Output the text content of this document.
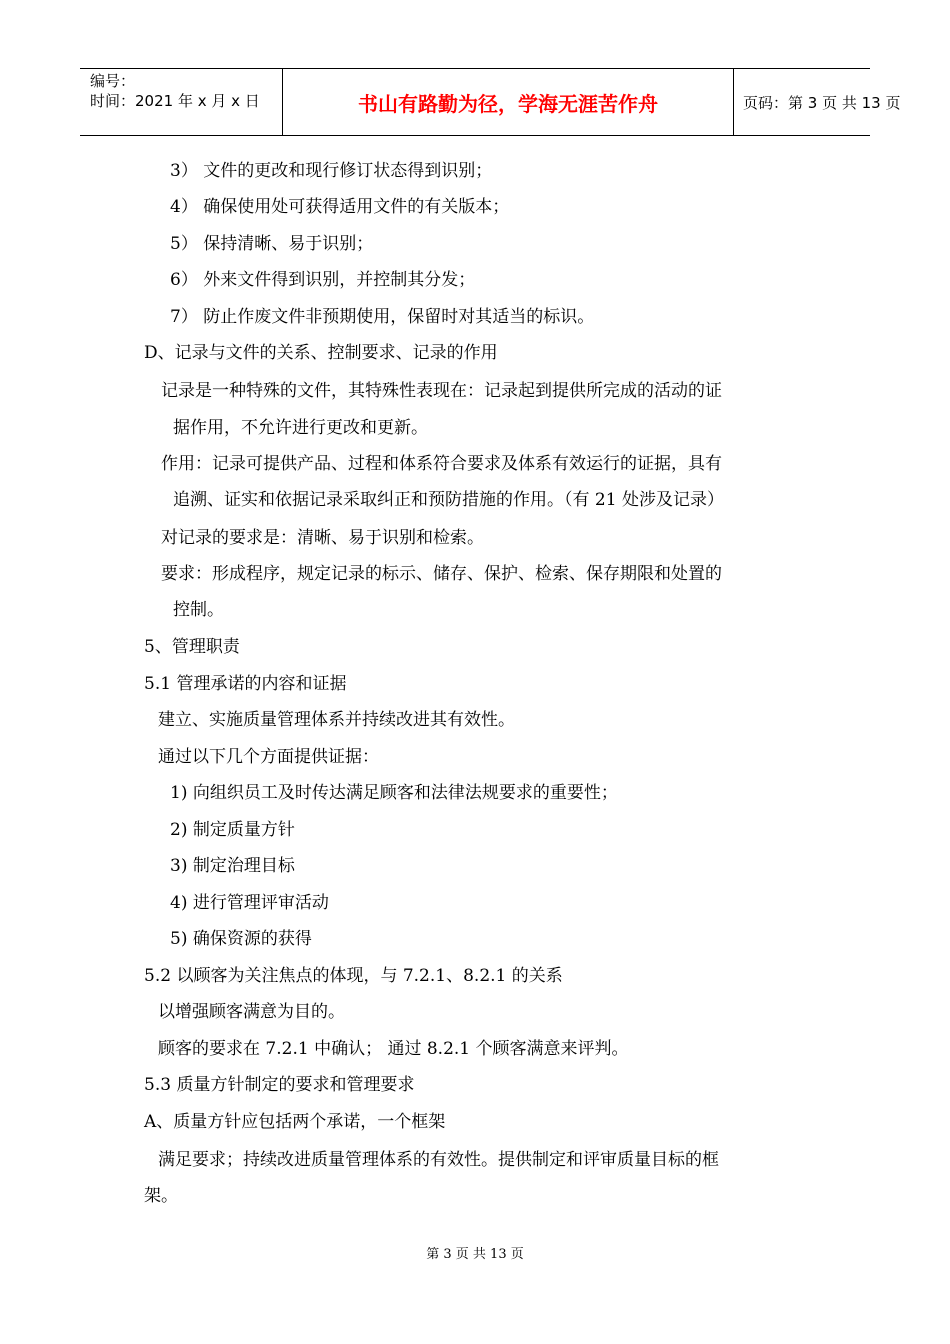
编号：
时间：2021 年 x 月 x 日	书山有路勤为径，学海无涯苦作舟	页码：第 3 页 共 13 页
3） 文件的更改和现行修订状态得到识别；
4） 确保使用处可获得适用文件的有关版本；
5） 保持清晰、易于识别；
6） 外来文件得到识别，并控制其分发；
7） 防止作废文件非预期使用，保留时对其适当的标识。
D、记录与文件的关系、控制要求、记录的作用
记录是一种特殊的文件，其特殊性表现在：记录起到提供所完成的活动的证
据作用，不允许进行更改和更新。
作用：记录可提供产品、过程和体系符合要求及体系有效运行的证据，具有
追溯、证实和依据记录采取纠正和预防措施的作用。（有 21 处涉及记录）
对记录的要求是：清晰、易于识别和检索。
要求：形成程序，规定记录的标示、储存、保护、检索、保存期限和处置的
控制。
5、管理职责
5.1 管理承诺的内容和证据
建立、实施质量管理体系并持续改进其有效性。
通过以下几个方面提供证据：
1) 向组织员工及时传达满足顾客和法律法规要求的重要性；
2) 制定质量方针
3) 制定治理目标
4) 进行管理评审活动
5) 确保资源的获得
5.2 以顾客为关注焦点的体现，与 7.2.1、8.2.1 的关系
以增强顾客满意为目的。
顾客的要求在 7.2.1 中确认； 通过 8.2.1 个顾客满意来评判。
5.3 质量方针制定的要求和管理要求
A、质量方针应包括两个承诺，一个框架
满足要求；持续改进质量管理体系的有效性。提供制定和评审质量目标的框
架。
第 3 页 共 13 页
